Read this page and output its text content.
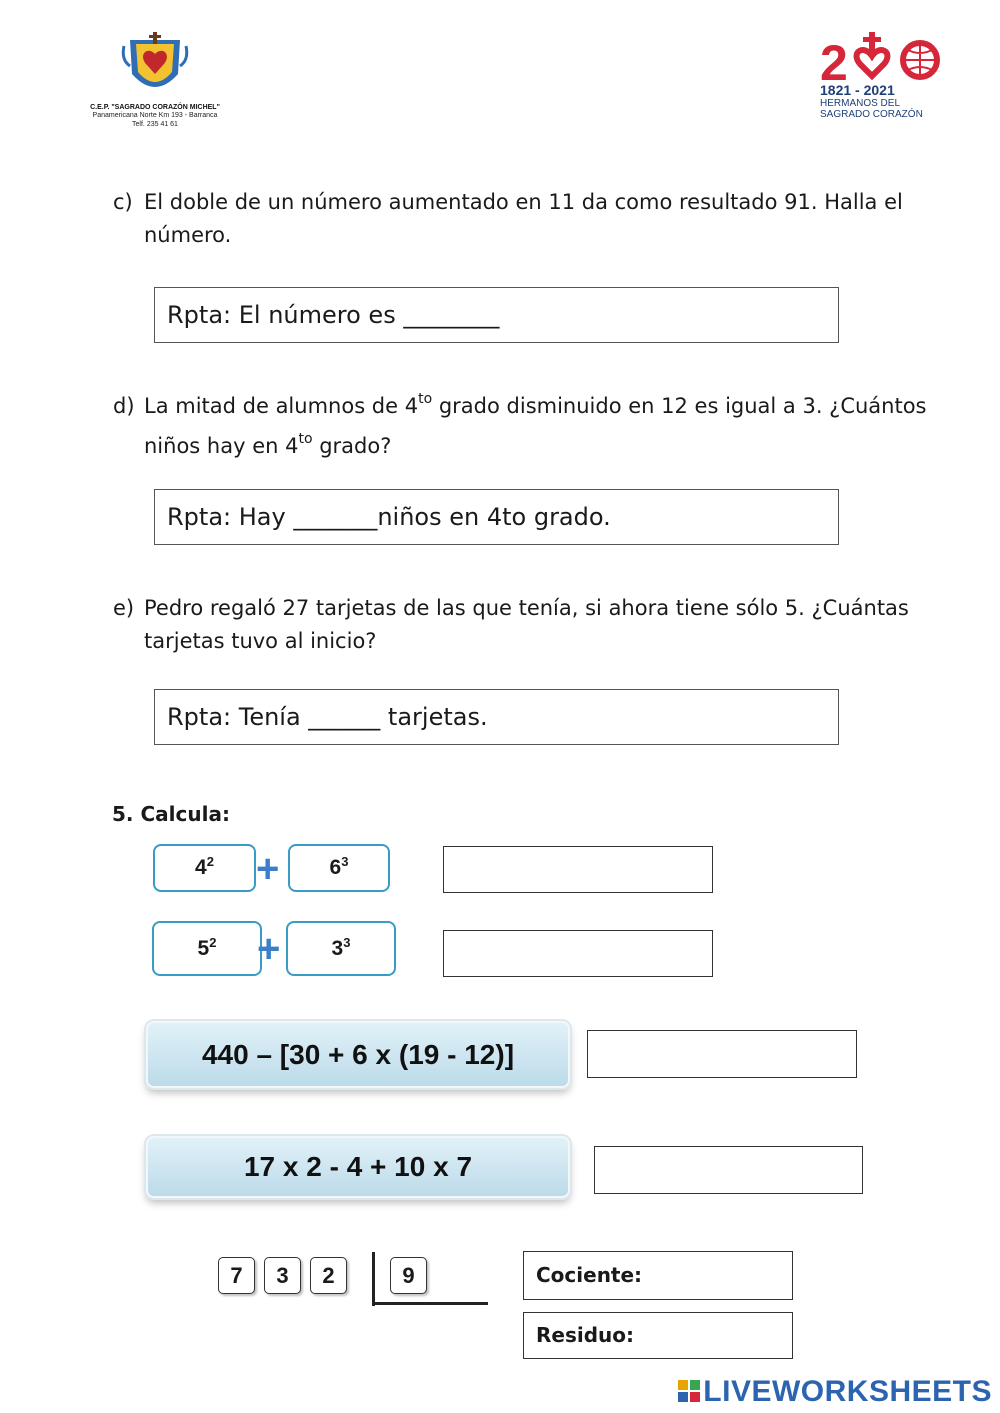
C.E.P. "SAGRADO CORAZÓN MICHEL"
Panamericana Norte Km 193 - Barranca
Telf. 235 41 61
2
1821 - 2021
HERMANOS DEL
SAGRADO CORAZÓN
c) El doble de un número aumentado en 11 da como resultado 91. Halla el
número.
Rpta: El número es ________
d) La mitad de alumnos de $4^{to}$ grado disminuido en 12 es igual a 3. ¿Cuántos
niños hay en $4^{to}$ grado?
Rpta: Hay _______niños en 4to grado.
e) Pedro regaló 27 tarjetas de las que tenía, si ahora tiene sólo 5. ¿Cuántas
tarjetas tuvo al inicio?
Rpta: Tenía ______ tarjetas.
5. Calcula:
$4^2$	+	$6^3$
$5^2$	+	$3^3$
440 – [30 + 6 x (19 - 12)]
17 x 2 - 4 + 10 x 7
7	3	2	9	Cociente:
Residuo:
LIVEWORKSHEETS
